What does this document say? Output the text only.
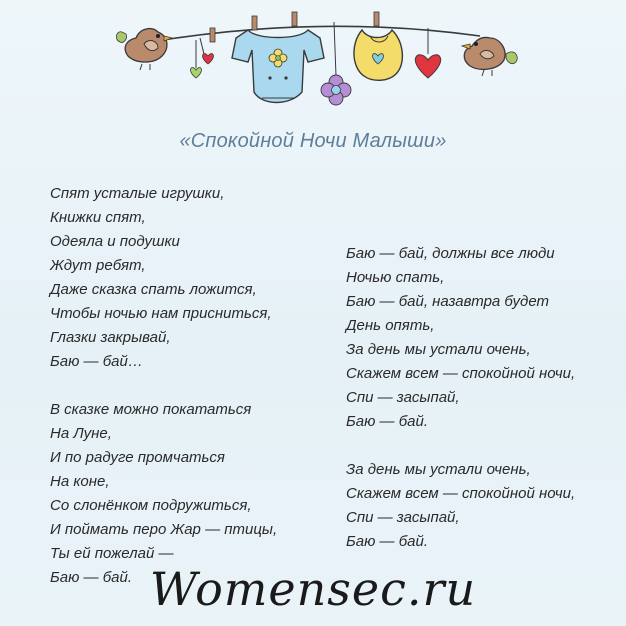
«Спокойной Ночи Малыши»
Спят усталые игрушки,
Книжки спят,
Одеяла и подушки
Ждут ребят,
Даже сказка спать ложится,
Чтобы ночью нам присниться,
Глазки закрывай,
Баю — бай…
В сказке можно покататься
На Луне,
И по радуге промчаться
На коне,
Со слонёнком подружиться,
И поймать перо Жар — птицы,
Ты ей пожелай —
Баю — бай.
Баю — бай, должны все люди
Ночью спать,
Баю — бай, назавтра будет
День опять,
За день мы устали очень,
Скажем всем — спокойной ночи,
Спи — засыпай,
Баю — бай.
За день мы устали очень,
Скажем всем — спокойной ночи,
Спи — засыпай,
Баю — бай.
Womensec.ru
